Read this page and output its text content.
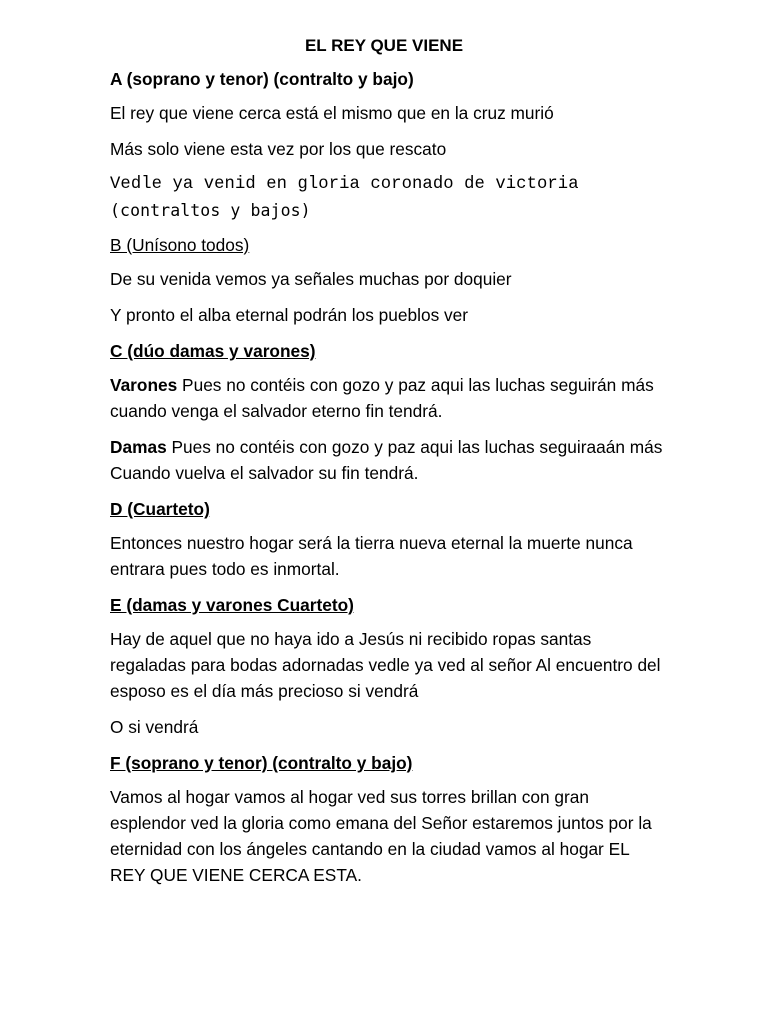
EL REY QUE VIENE
A (soprano y tenor) (contralto y bajo)
El rey que viene cerca está el mismo que en la cruz murió
Más solo viene esta vez por los que rescato
Vedle ya venid en gloria coronado de victoria
(contraltos y bajos)
B (Unísono todos)
De su venida vemos ya señales muchas por doquier
Y pronto el alba eternal podrán los pueblos ver
C (dúo damas y varones)
Varones Pues no contéis con gozo y paz aqui las luchas seguirán más cuando venga el salvador eterno fin tendrá.
Damas Pues no contéis con gozo y paz aqui las luchas seguiraaán más Cuando vuelva el salvador su fin tendrá.
D (Cuarteto)
Entonces nuestro hogar será la tierra nueva eternal la muerte nunca entrara pues todo es inmortal.
E (damas y varones Cuarteto)
Hay de aquel que no haya ido a Jesús ni recibido ropas santas regaladas para bodas adornadas vedle ya ved al señor Al encuentro del esposo es el día más precioso si vendrá
O si vendrá
F (soprano y tenor) (contralto y bajo)
Vamos al hogar vamos al hogar ved sus torres brillan con gran esplendor ved la gloria como emana del Señor estaremos juntos por la eternidad con los ángeles cantando en la ciudad vamos al hogar EL REY QUE VIENE CERCA ESTA.
